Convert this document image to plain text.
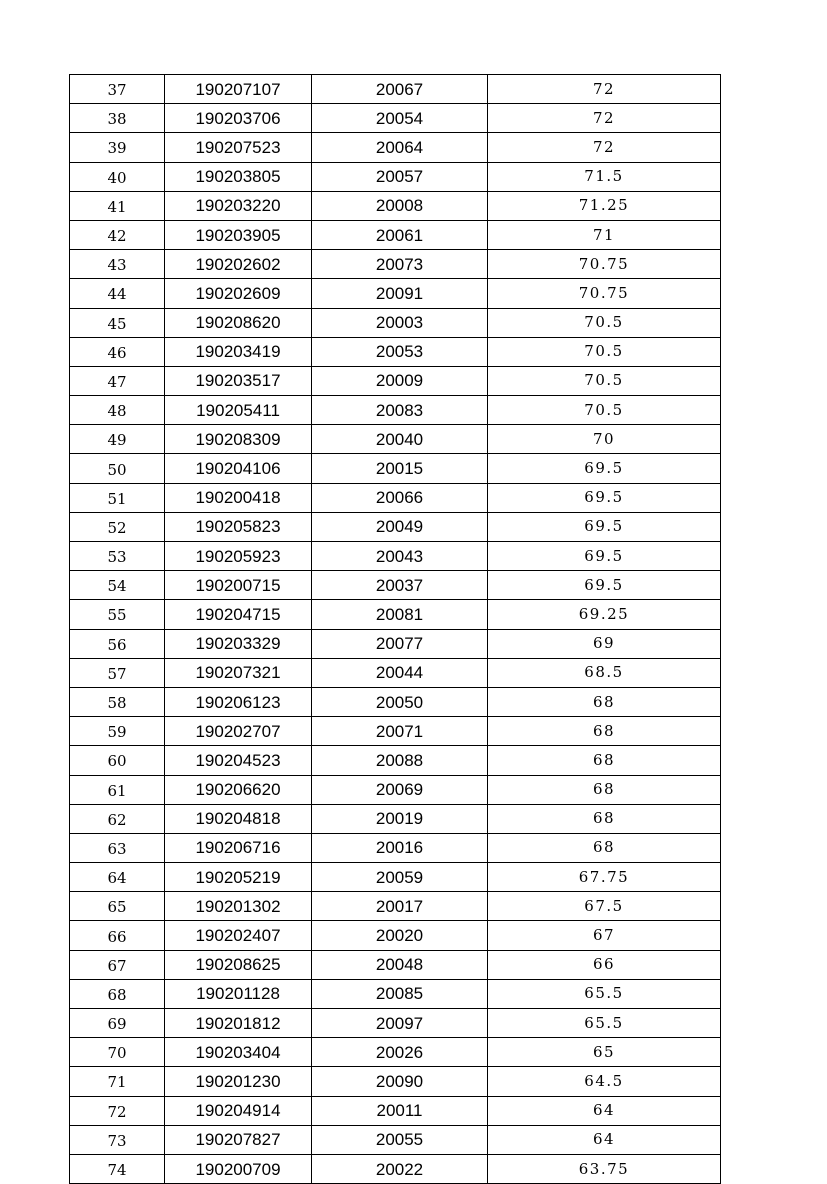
37	190207107	20067	72
38	190203706	20054	72
39	190207523	20064	72
40	190203805	20057	71.5
41	190203220	20008	71.25
42	190203905	20061	71
43	190202602	20073	70.75
44	190202609	20091	70.75
45	190208620	20003	70.5
46	190203419	20053	70.5
47	190203517	20009	70.5
48	190205411	20083	70.5
49	190208309	20040	70
50	190204106	20015	69.5
51	190200418	20066	69.5
52	190205823	20049	69.5
53	190205923	20043	69.5
54	190200715	20037	69.5
55	190204715	20081	69.25
56	190203329	20077	69
57	190207321	20044	68.5
58	190206123	20050	68
59	190202707	20071	68
60	190204523	20088	68
61	190206620	20069	68
62	190204818	20019	68
63	190206716	20016	68
64	190205219	20059	67.75
65	190201302	20017	67.5
66	190202407	20020	67
67	190208625	20048	66
68	190201128	20085	65.5
69	190201812	20097	65.5
70	190203404	20026	65
71	190201230	20090	64.5
72	190204914	20011	64
73	190207827	20055	64
74	190200709	20022	63.75
